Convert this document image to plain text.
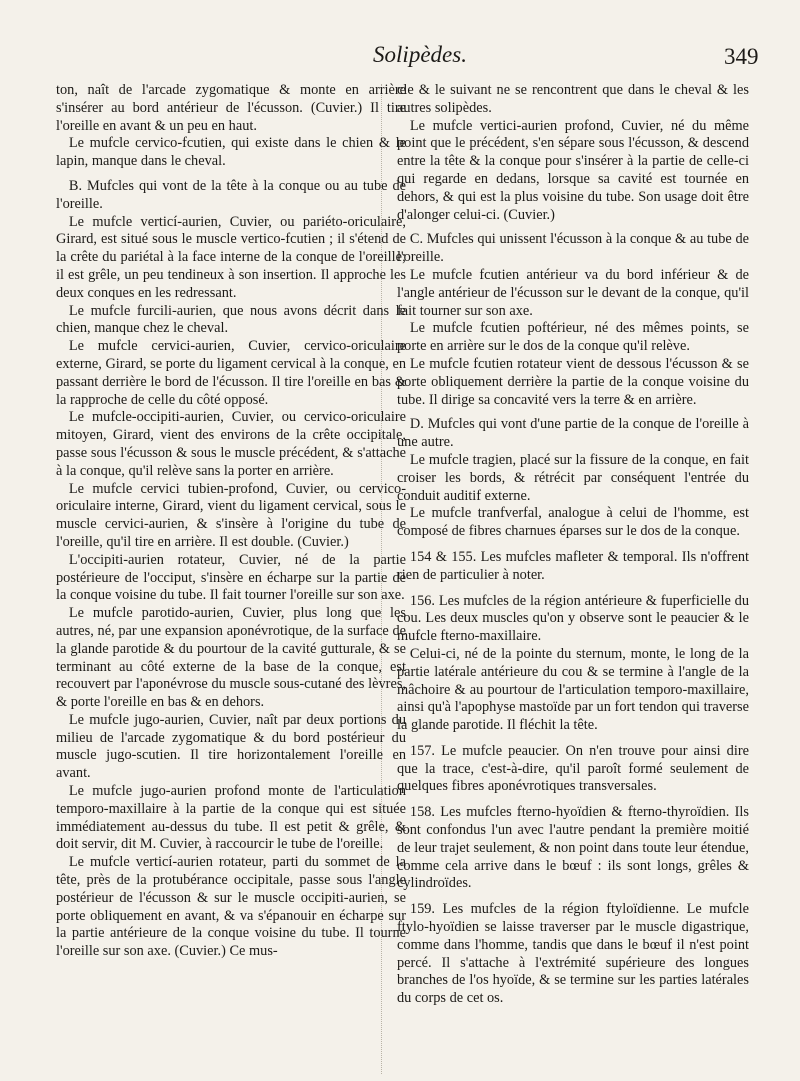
Solipèdes.	349

ton, naît de l'arcade zygomatique & monte en arrière s'insérer au bord antérieur de l'écusson. (Cuvier.) Il tire l'oreille en avant & un peu en haut.

Le mufcle cervico-fcutien, qui existe dans le chien & le lapin, manque dans le cheval.

B. Mufcles qui vont de la tête à la conque ou au tube de l'oreille.

Le mufcle verticí-aurien, Cuvier, ou pariéto-oriculaire, Girard, est situé sous le muscle vertico-fcutien ; il s'étend de la crête du pariétal à la face interne de la conque de l'oreille; il est grêle, un peu tendineux à son insertion. Il approche les deux conques en les redressant.

Le mufcle furcili-aurien, que nous avons décrit dans le chien, manque chez le cheval.

Le mufcle cervici-aurien, Cuvier, cervico-oriculaire externe, Girard, se porte du ligament cervical à la conque, en passant derrière le bord de l'écusson. Il tire l'oreille en bas & la rapproche de celle du côté opposé.

Le mufcle-occipiti-aurien, Cuvier, ou cervico-oriculaire mitoyen, Girard, vient des environs de la crête occipitale, passe sous l'écusson & sous le muscle précédent, & s'attache à la conque, qu'il relève sans la porter en arrière.

Le mufcle cervici tubien-profond, Cuvier, ou cervico-oriculaire interne, Girard, vient du ligament cervical, sous le muscle cervici-aurien, & s'insère à l'origine du tube de l'oreille, qu'il tire en arrière. Il est double. (Cuvier.)

L'occipiti-aurien rotateur, Cuvier, né de la partie postérieure de l'occiput, s'insère en écharpe sur la partie de la conque voisine du tube. Il fait tourner l'oreille sur son axe.

Le mufcle parotido-aurien, Cuvier, plus long que les autres, né, par une expansion aponévrotique, de la surface de la glande parotide & du pourtour de la cavité gutturale, & se terminant au côté externe de la base de la conque, est recouvert par l'aponévrose du muscle sous-cutané des lèvres, & porte l'oreille en bas & en dehors.

Le mufcle jugo-aurien, Cuvier, naît par deux portions du milieu de l'arcade zygomatique & du bord postérieur du muscle jugo-scutien. Il tire horizontalement l'oreille en avant.

Le mufcle jugo-aurien profond monte de l'articulation temporo-maxillaire à la partie de la conque qui est située immédiatement au-dessus du tube. Il est petit & grêle, & doit servir, dit M. Cuvier, à raccourcir le tube de l'oreille.

Le mufcle verticí-aurien rotateur, parti du sommet de la tête, près de la protubérance occipitale, passe sous l'angle postérieur de l'écusson & sur le muscle occipiti-aurien, se porte obliquement en avant, & va s'épanouir en écharpe sur la partie antérieure de la conque voisine du tube. Il tourne l'oreille sur son axe. (Cuvier.) Ce mus-

cle & le suivant ne se rencontrent que dans le cheval & les autres solipèdes.

Le mufcle vertici-aurien profond, Cuvier, né du même point que le précédent, s'en sépare sous l'écusson, & descend entre la tête & la conque pour s'insérer à la partie de celle-ci qui regarde en dedans, lorsque sa cavité est tournée en dehors, & qui est la plus voisine du tube. Son usage doit être d'alonger celui-ci. (Cuvier.)

C. Mufcles qui unissent l'écusson à la conque & au tube de l'oreille.

Le mufcle fcutien antérieur va du bord inférieur & de l'angle antérieur de l'écusson sur le devant de la conque, qu'il fait tourner sur son axe.

Le mufcle fcutien poftérieur, né des mêmes points, se porte en arrière sur le dos de la conque qu'il relève.

Le mufcle fcutien rotateur vient de dessous l'écusson & se porte obliquement derrière la partie de la conque voisine du tube. Il dirige sa concavité vers la terre & en arrière.

D. Mufcles qui vont d'une partie de la conque de l'oreille à une autre.

Le mufcle tragien, placé sur la fissure de la conque, en fait croiser les bords, & rétrécit par conséquent l'entrée du conduit auditif externe.

Le mufcle tranfverfal, analogue à celui de l'homme, est composé de fibres charnues éparses sur le dos de la conque.

154 & 155. Les mufcles mafleter & temporal. Ils n'offrent rien de particulier à noter.

156. Les mufcles de la région antérieure & fuperficielle du cou. Les deux muscles qu'on y observe sont le peaucier & le mufcle fterno-maxillaire.

Celui-ci, né de la pointe du sternum, monte, le long de la partie latérale antérieure du cou & se termine à l'angle de la mâchoire & au pourtour de l'articulation temporo-maxillaire, ainsi qu'à l'apophyse mastoïde par un fort tendon qui traverse la glande parotide. Il fléchit la tête.

157. Le mufcle peaucier. On n'en trouve pour ainsi dire que la trace, c'est-à-dire, qu'il paroît formé seulement de quelques fibres aponévrotiques transversales.

158. Les mufcles fterno-hyoïdien & fterno-thyroïdien. Ils sont confondus l'un avec l'autre pendant la première moitié de leur trajet seulement, & non point dans toute leur étendue, comme cela arrive dans le bœuf : ils sont longs, grêles & cylindroïdes.

159. Les mufcles de la région ftyloïdienne. Le mufcle ftylo-hyoïdien se laisse traverser par le muscle digastrique, comme dans l'homme, tandis que dans le bœuf il n'est point percé. Il s'attache à l'extrémité supérieure des longues branches de l'os hyoïde, & se termine sur les parties latérales du corps de cet os.
